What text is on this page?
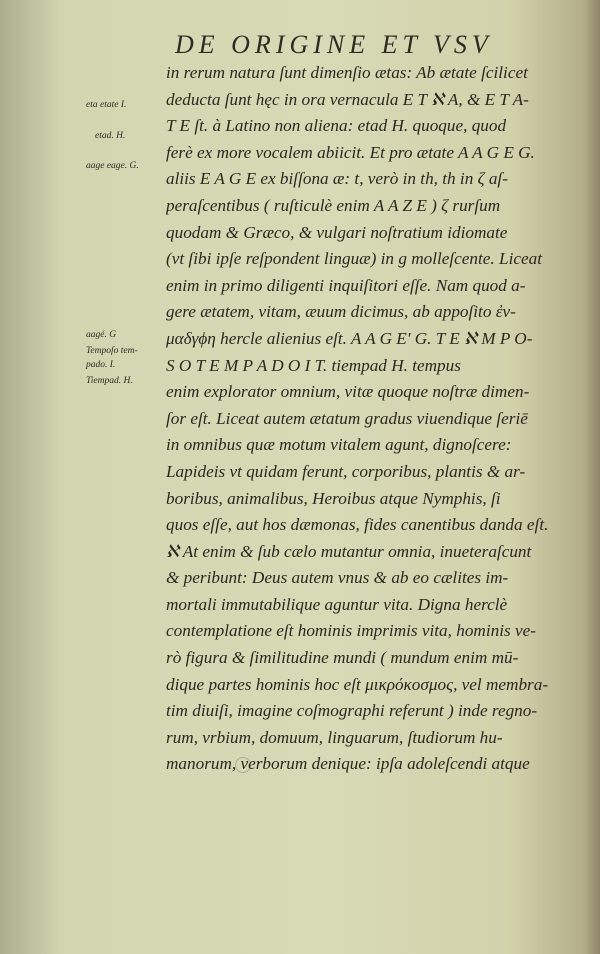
DE ORIGINE ET VSV
eta etate I.
etad. H.
aage eage. G.
aagé. G
Tempoſo tem-
pado. I.
Tiempad. H.
in rerum natura ſunt dimenſio ætas: Ab ætate ſcilicet
deducta ſunt hęc in ora vernacula E T ℵ A, & E T A-
T E ſt. à Latino non aliena: etad H. quoque, quod
ferè ex more vocalem abiicit. Et pro ætate A A G E G.
aliis E A G E ex biſſona æ: t, verò in th, th in ζ aſ-
peraſcentibus ( ruſticulè enim A A Z E ) ζ rurſum
quodam & Græco, & vulgari noſtratium idiomate
(vt ſibi ipſe reſpondent linguæ) in g molleſcente. Liceat
enim in primo diligenti inquiſitori eſſe. Nam quod a-
gere ætatem, vitam, æuum dicimus, ab appoſito ἐν-
μαδγϕη hercle alienius eſt. A A G E' G. T E ℵ M P O-
S O T E M P A D O I T. tiempad H. tempus
enim explorator omnium, vitæ quoque noſtræ dimen-
ſor eſt. Liceat autem ætatum gradus viuendique ſeriē
in omnibus quæ motum vitalem agunt, dignoſcere:
Lapideis vt quidam ferunt, corporibus, plantis & ar-
boribus, animalibus, Heroibus atque Nymphis, ſi
quos eſſe, aut hos dæmonas, fides canentibus danda eſt.
ℵ At enim & ſub cælo mutantur omnia, inueteraſcunt
& peribunt: Deus autem vnus & ab eo cælites im-
mortali immutabilique aguntur vita. Digna herclè
contemplatione eſt hominis imprimis vita, hominis ve-
rò figura & ſimilitudine mundi ( mundum enim mū-
dique partes hominis hoc eſt μικρόκοσμος, vel membra-
tim diuiſi, imagine coſmographi referunt ) inde regno-
rum, vrbium, domuum, linguarum, ſtudiorum hu-
manorum, verborum denique: ipſa adoleſcendi atque
